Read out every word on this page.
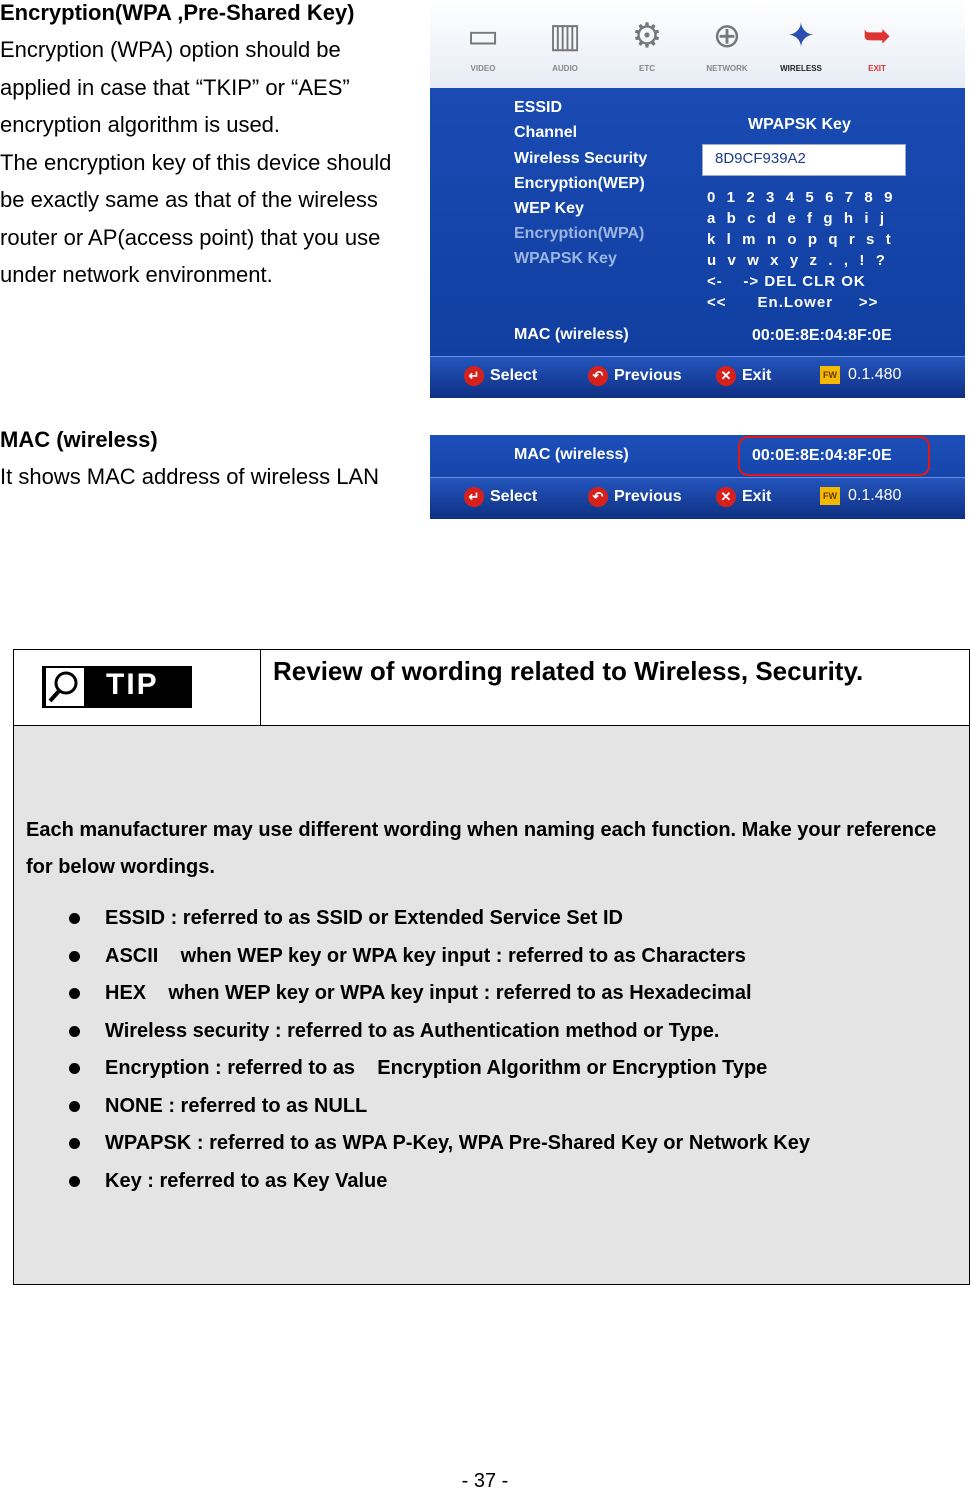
Encryption(WPA ,Pre-Shared Key)

Encryption (WPA) option should be applied in case that “TKIP” or “AES” encryption algorithm is used.

The encryption key of this device should be exactly same as that of the wireless router or AP(access point) that you use under network environment.

▭
VIDEO
▥
AUDIO
⚙
ETC
⊕
NETWORK
✦
WIRELESS
➥
EXIT
ESSID
Channel
Wireless Security
Encryption(WEP)
WEP Key
Encryption(WPA)
WPAPSK Key
WPAPSK Key
8D9CF939A2
0  1  2  3  4  5  6  7  8  9
a  b  c  d  e  f  g  h  i  j
k  l  m  n  o  p  q  r  s  t
u  v  w  x  y  z  .  ,  !  ?
<-    -> DEL CLR OK
<<      En.Lower     >>
MAC (wireless)	00:0E:8E:04:8F:0E
↵ Select	↶ Previous	✕ Exit	FW 0.1.480

MAC (wireless)

It shows MAC address of wireless LAN

MAC (wireless)	00:0E:8E:04:8F:0E
↵ Select	↶ Previous	✕ Exit	FW 0.1.480
TIP	Review of wording related to Wireless, Security.

Each manufacturer may use different wording when naming each function. Make your reference for below wordings.

ESSID : referred to as SSID or Extended Service Set ID
ASCII    when WEP key or WPA key input : referred to as Characters
HEX    when WEP key or WPA key input : referred to as Hexadecimal
Wireless security : referred to as Authentication method or Type.
Encryption : referred to as    Encryption Algorithm or Encryption Type
NONE : referred to as NULL
WPAPSK : referred to as WPA P-Key, WPA Pre-Shared Key or Network Key
Key : referred to as Key Value
- 37 -
